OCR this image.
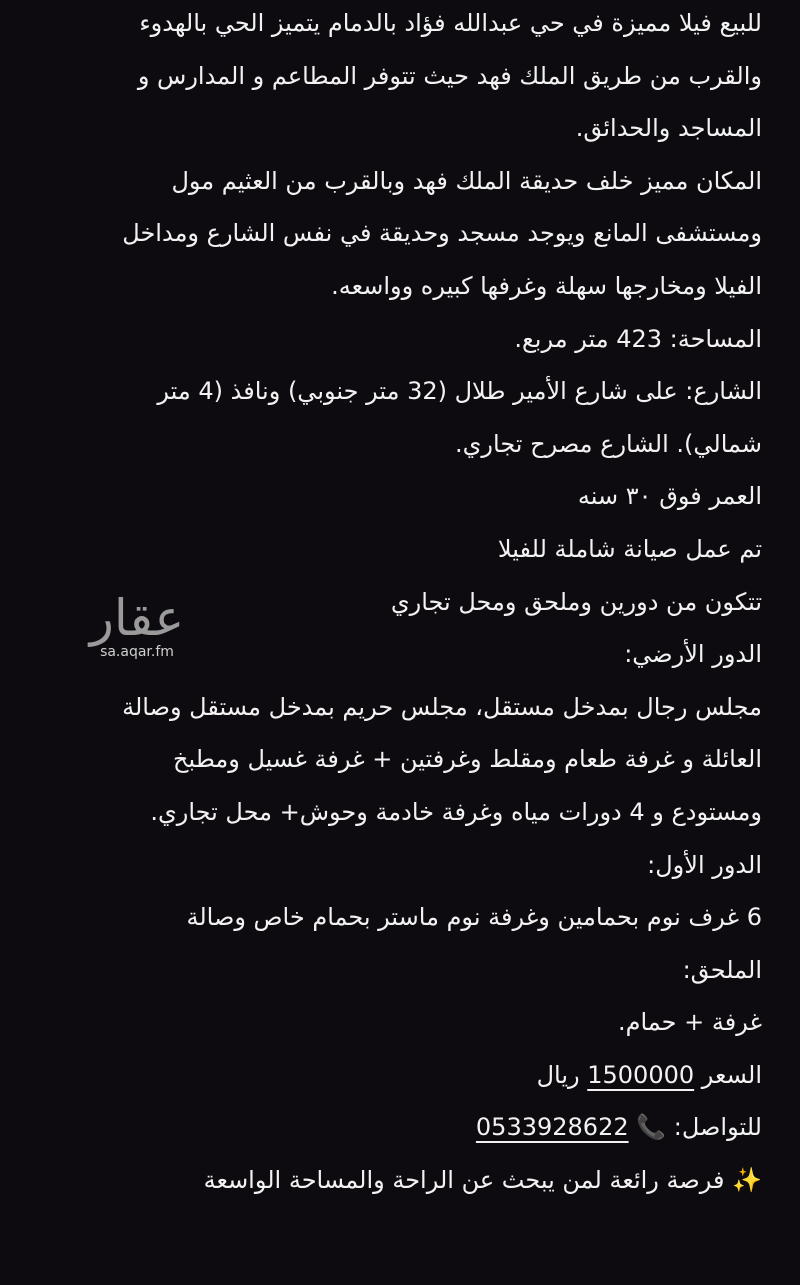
للبيع فيلا مميزة في حي عبدالله فؤاد بالدمام يتميز الحي بالهدوء
والقرب من طريق الملك فهد حيث تتوفر المطاعم و المدارس و
المساجد والحدائق.
المكان مميز خلف حديقة الملك فهد وبالقرب من العثيم مول
ومستشفى المانع ويوجد مسجد وحديقة في نفس الشارع ومداخل
الفيلا ومخارجها سهلة وغرفها كبيره وواسعه.
المساحة: 423 متر مربع.
الشارع: على شارع الأمير طلال (32 متر جنوبي) ونافذ (4 متر
شمالي). الشارع مصرح تجاري.
العمر فوق ٣٠ سنه
تم عمل صيانة شاملة للفيلا
تتكون من دورين وملحق ومحل تجاري
الدور الأرضي:
مجلس رجال بمدخل مستقل، مجلس حريم بمدخل مستقل وصالة
العائلة و غرفة طعام ومقلط وغرفتين + غرفة غسيل ومطبخ
ومستودع و 4 دورات مياه وغرفة خادمة وحوش+ محل تجاري.
الدور الأول:
6 غرف نوم بحمامين وغرفة نوم ماستر بحمام خاص وصالة
الملحق:
غرفة + حمام.
السعر 1500000 ريال
للتواصل: 📞 0533928622
✨ فرصة رائعة لمن يبحث عن الراحة والمساحة الواسعة
عقار
sa.aqar.fm
